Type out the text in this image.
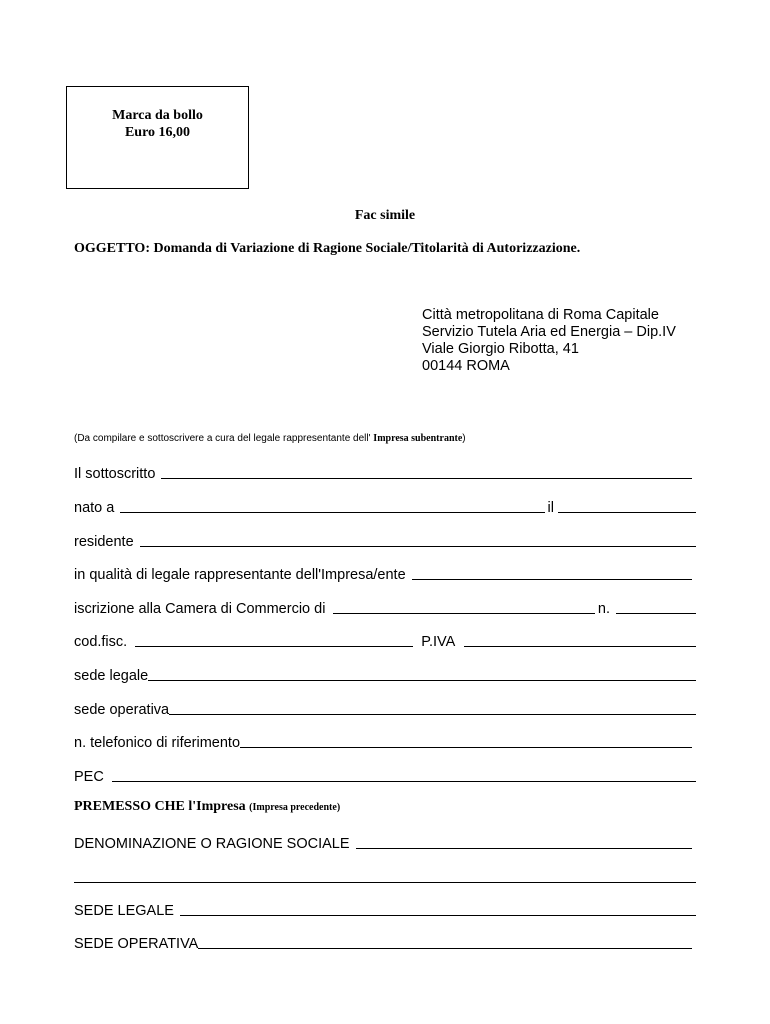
Marca da bollo
Euro 16,00
Fac simile
OGGETTO: Domanda di Variazione di Ragione Sociale/Titolarità di Autorizzazione.
Città metropolitana di Roma Capitale
Servizio Tutela Aria ed Energia – Dip.IV
Viale Giorgio Ribotta, 41
00144 ROMA
(Da compilare e sottoscrivere a cura del legale rappresentante dell' Impresa subentrante)
Il sottoscritto
nato a	il
residente
in qualità di legale rappresentante dell'Impresa/ente
iscrizione alla Camera di Commercio di	n.
cod.fisc.	P.IVA
sede legale
sede operativa
n. telefonico di riferimento
PEC
PREMESSO CHE l'Impresa (Impresa precedente)
DENOMINAZIONE O RAGIONE SOCIALE
SEDE LEGALE
SEDE OPERATIVA
